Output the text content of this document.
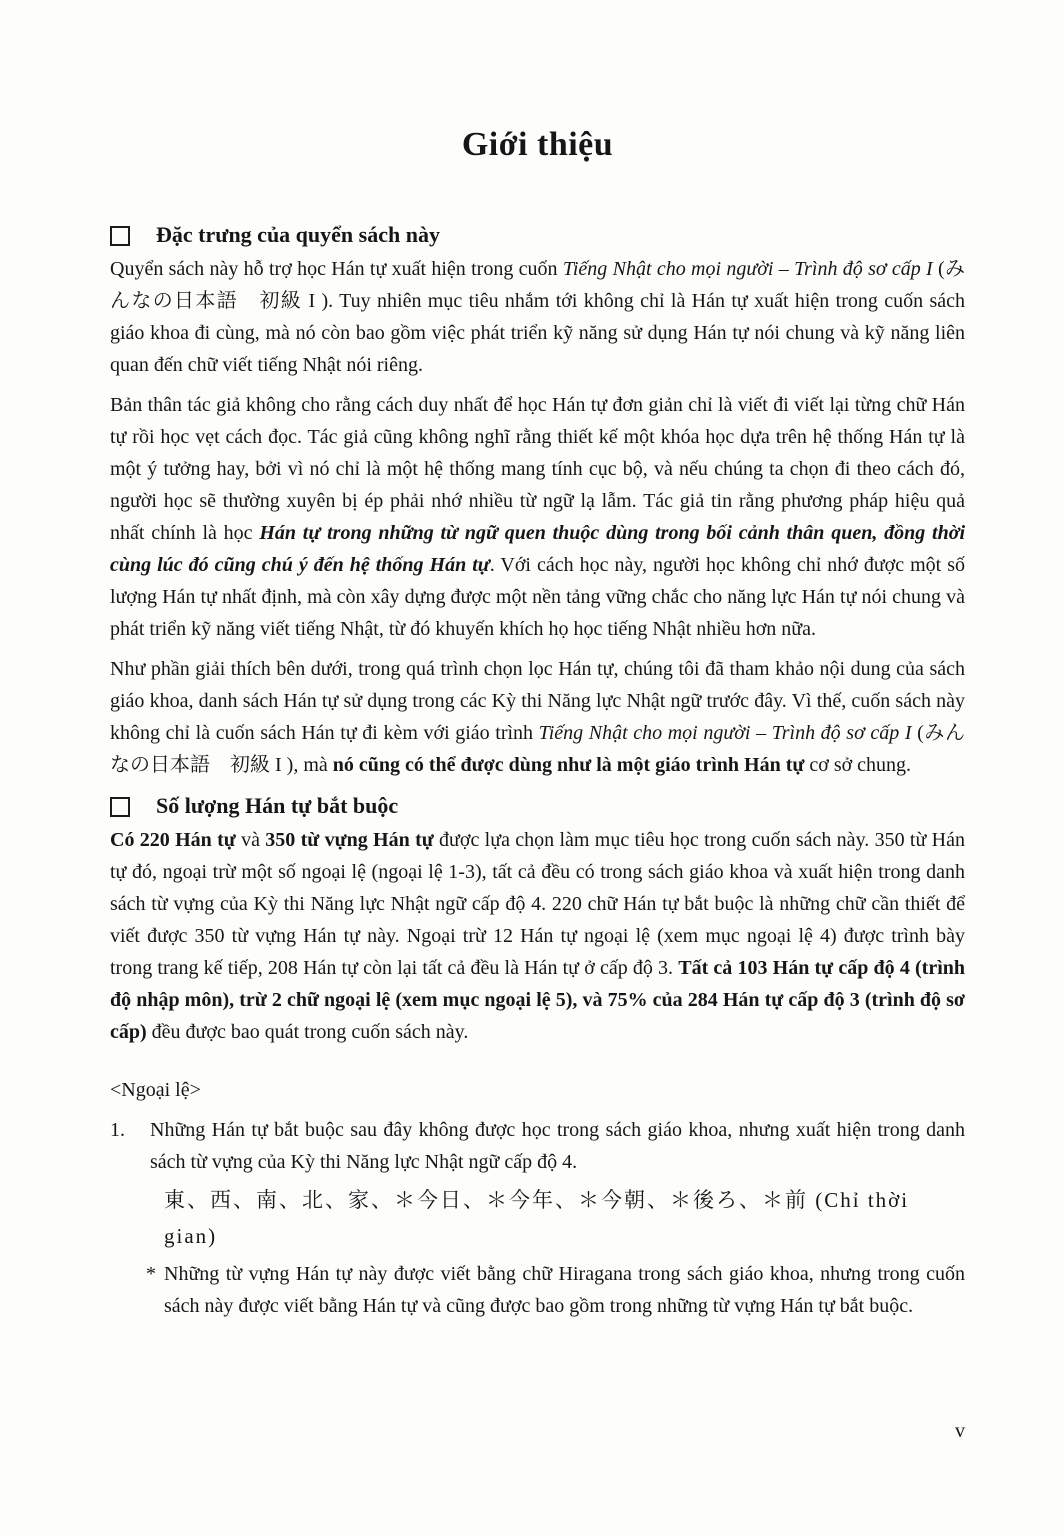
Giới thiệu
Đặc trưng của quyển sách này

Quyển sách này hỗ trợ học Hán tự xuất hiện trong cuốn Tiếng Nhật cho mọi người – Trình độ sơ cấp I (みんなの日本語　初級 I ). Tuy nhiên mục tiêu nhắm tới không chỉ là Hán tự xuất hiện trong cuốn sách giáo khoa đi cùng, mà nó còn bao gồm việc phát triển kỹ năng sử dụng Hán tự nói chung và kỹ năng liên quan đến chữ viết tiếng Nhật nói riêng.

Bản thân tác giả không cho rằng cách duy nhất để học Hán tự đơn giản chỉ là viết đi viết lại từng chữ Hán tự rồi học vẹt cách đọc. Tác giả cũng không nghĩ rằng thiết kế một khóa học dựa trên hệ thống Hán tự là một ý tưởng hay, bởi vì nó chỉ là một hệ thống mang tính cục bộ, và nếu chúng ta chọn đi theo cách đó, người học sẽ thường xuyên bị ép phải nhớ nhiều từ ngữ lạ lẫm. Tác giả tin rằng phương pháp hiệu quả nhất chính là học Hán tự trong những từ ngữ quen thuộc dùng trong bối cảnh thân quen, đồng thời cùng lúc đó cũng chú ý đến hệ thống Hán tự. Với cách học này, người học không chỉ nhớ được một số lượng Hán tự nhất định, mà còn xây dựng được một nền tảng vững chắc cho năng lực Hán tự nói chung và phát triển kỹ năng viết tiếng Nhật, từ đó khuyến khích họ học tiếng Nhật nhiều hơn nữa.

Như phần giải thích bên dưới, trong quá trình chọn lọc Hán tự, chúng tôi đã tham khảo nội dung của sách giáo khoa, danh sách Hán tự sử dụng trong các Kỳ thi Năng lực Nhật ngữ trước đây. Vì thế, cuốn sách này không chỉ là cuốn sách Hán tự đi kèm với giáo trình Tiếng Nhật cho mọi người – Trình độ sơ cấp I (みんなの日本語　初級 I ), mà nó cũng có thể được dùng như là một giáo trình Hán tự cơ sở chung.

Số lượng Hán tự bắt buộc

Có 220 Hán tự và 350 từ vựng Hán tự được lựa chọn làm mục tiêu học trong cuốn sách này. 350 từ Hán tự đó, ngoại trừ một số ngoại lệ (ngoại lệ 1-3), tất cả đều có trong sách giáo khoa và xuất hiện trong danh sách từ vựng của Kỳ thi Năng lực Nhật ngữ cấp độ 4. 220 chữ Hán tự bắt buộc là những chữ cần thiết để viết được 350 từ vựng Hán tự này. Ngoại trừ 12 Hán tự ngoại lệ (xem mục ngoại lệ 4) được trình bày trong trang kế tiếp, 208 Hán tự còn lại tất cả đều là Hán tự ở cấp độ 3. Tất cả 103 Hán tự cấp độ 4 (trình độ nhập môn), trừ 2 chữ ngoại lệ (xem mục ngoại lệ 5), và 75% của 284 Hán tự cấp độ 3 (trình độ sơ cấp) đều được bao quát trong cuốn sách này.

<Ngoại lệ>
1.	Những Hán tự bắt buộc sau đây không được học trong sách giáo khoa, nhưng xuất hiện trong danh sách từ vựng của Kỳ thi Năng lực Nhật ngữ cấp độ 4.

東、西、南、北、家、＊今日、＊今年、＊今朝、＊後ろ、＊前 (Chỉ thời gian)
* Những từ vựng Hán tự này được viết bằng chữ Hiragana trong sách giáo khoa, nhưng trong cuốn sách này được viết bằng Hán tự và cũng được bao gồm trong những từ vựng Hán tự bắt buộc.

v
